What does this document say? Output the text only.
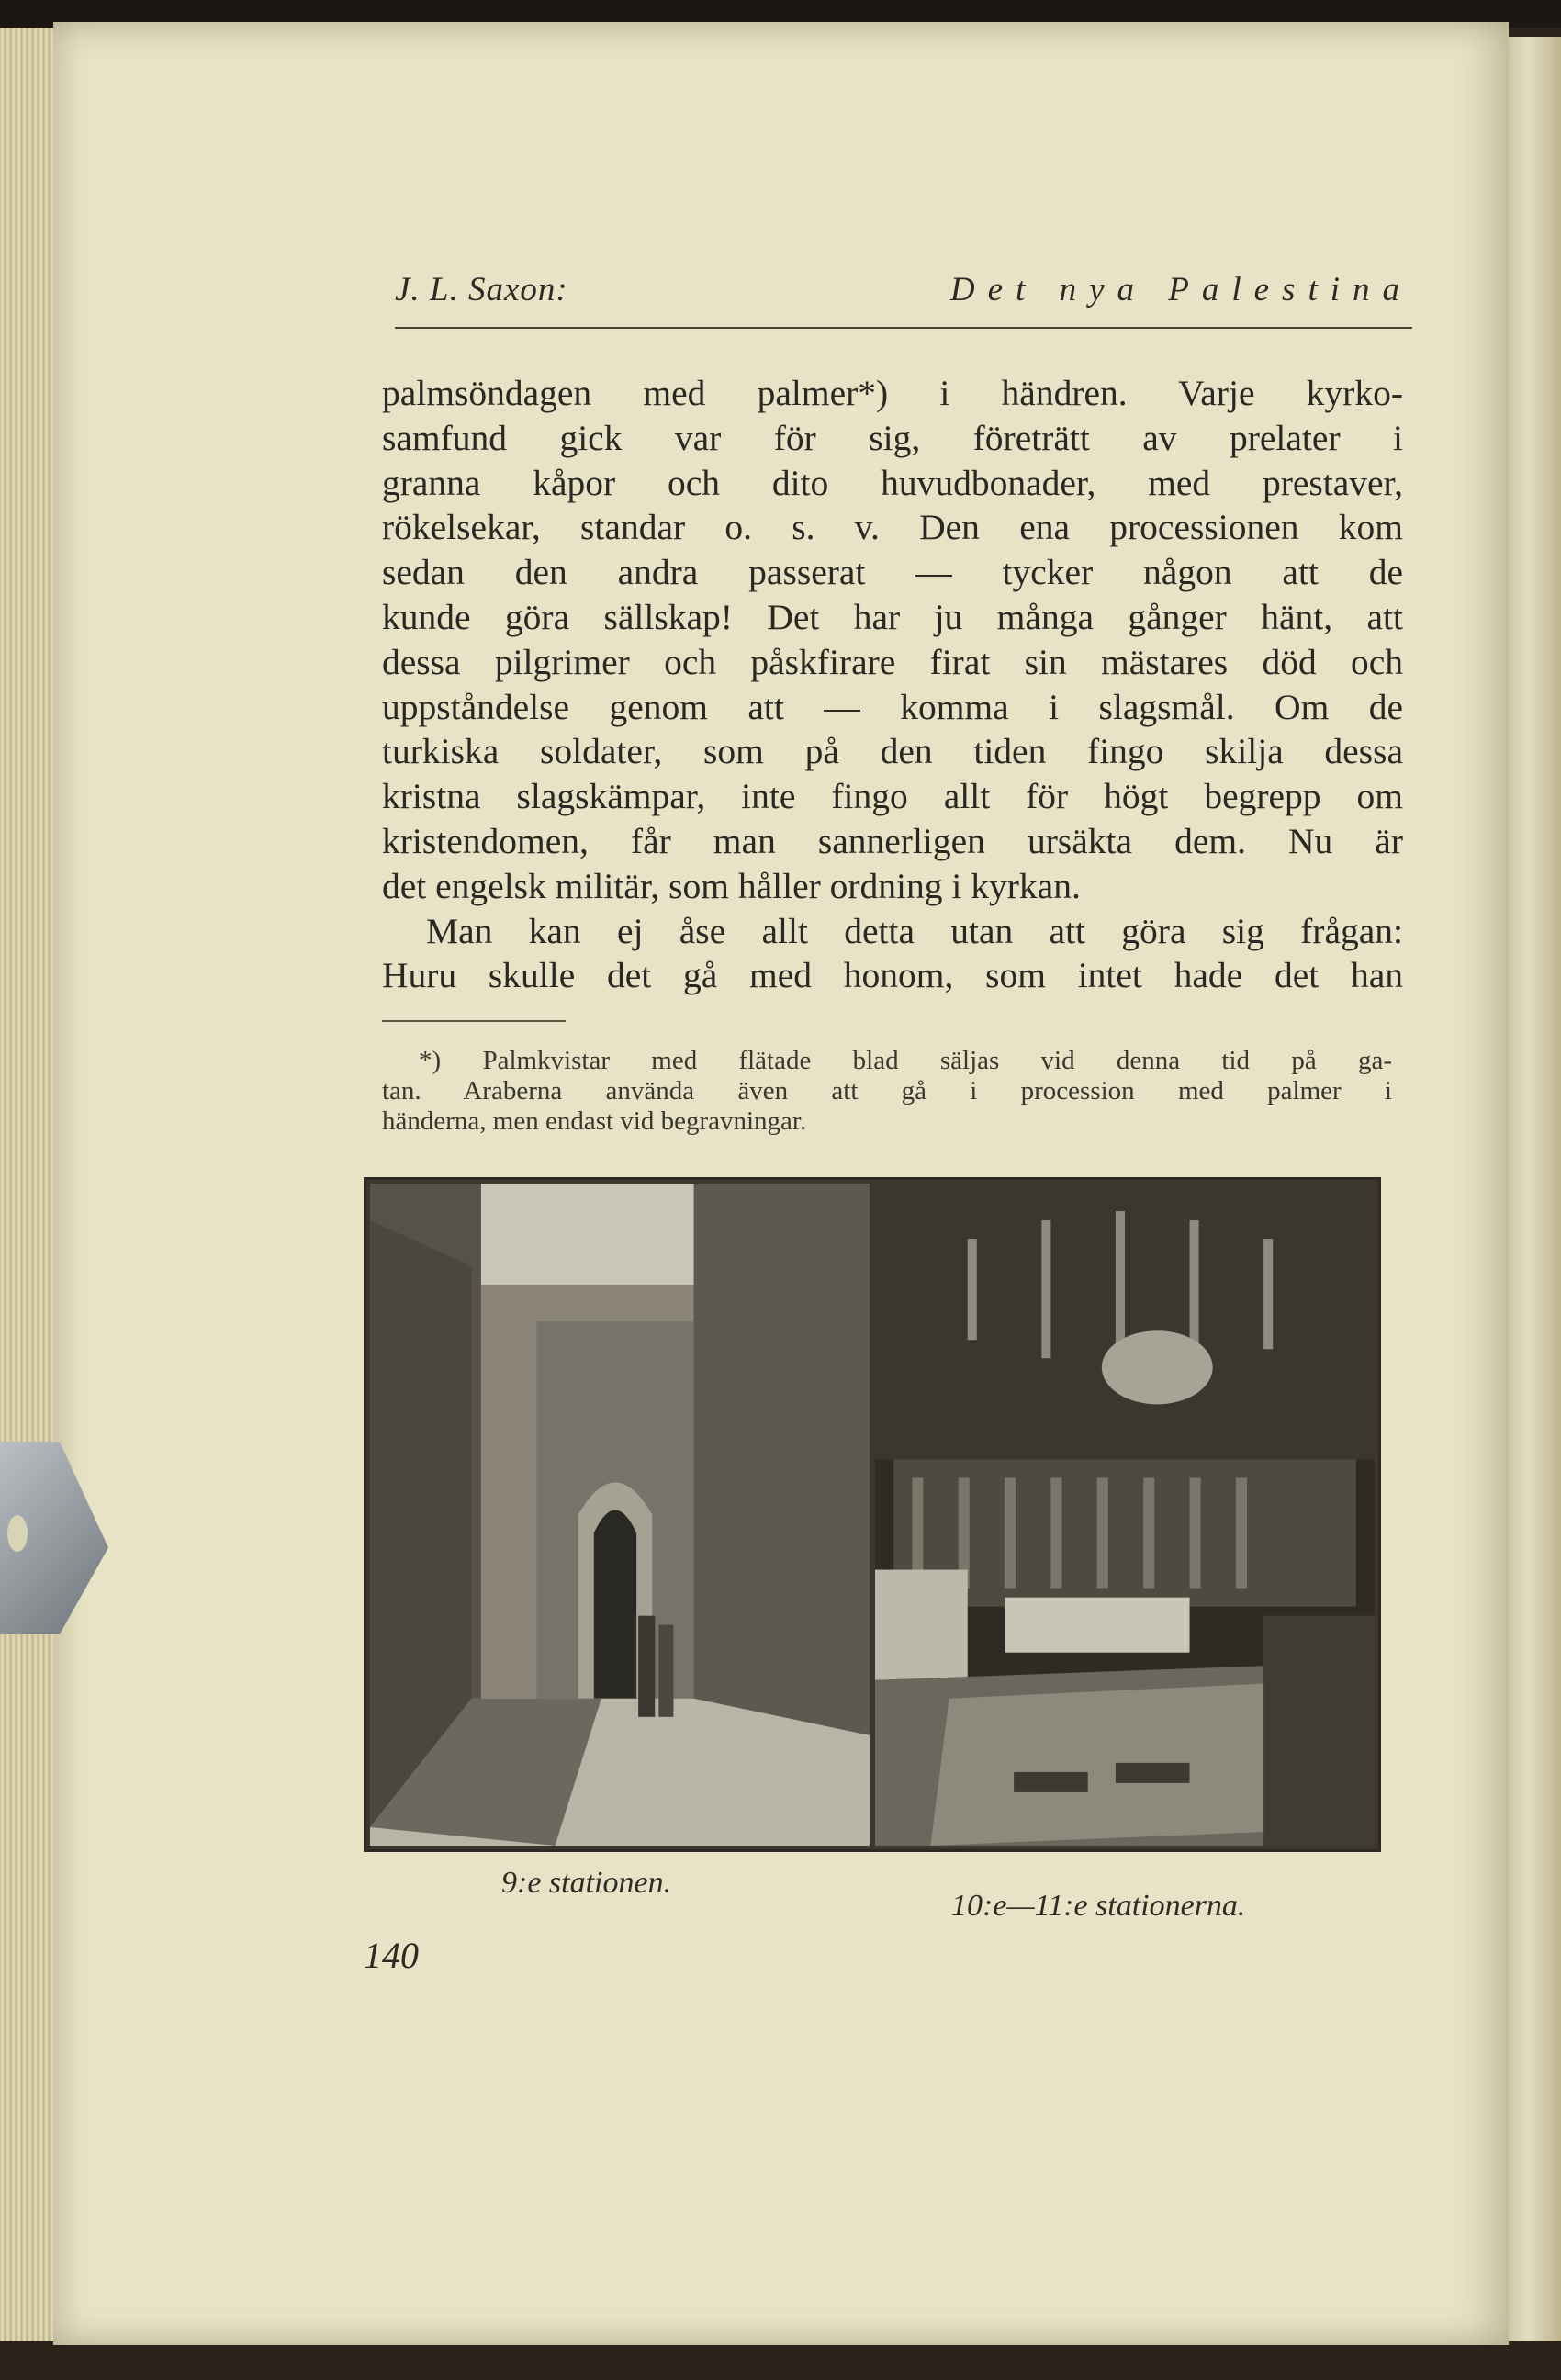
J. L. Saxon:	Det nya Palestina
palmsöndagen med palmer*) i händren. Varje kyrko-
samfund gick var för sig, företrätt av prelater i
granna kåpor och dito huvudbonader, med prestaver,
rökelsekar, standar o. s. v. Den ena processionen kom
sedan den andra passerat — tycker någon att de
kunde göra sällskap! Det har ju många gånger hänt, att
dessa pilgrimer och påskfirare firat sin mästares död och
uppståndelse genom att — komma i slagsmål. Om de
turkiska soldater, som på den tiden fingo skilja dessa
kristna slagskämpar, inte fingo allt för högt begrepp om
kristendomen, får man sannerligen ursäkta dem. Nu är
det engelsk militär, som håller ordning i kyrkan.
Man kan ej åse allt detta utan att göra sig frågan:
Huru skulle det gå med honom, som intet hade det han
*) Palmkvistar med flätade blad säljas vid denna tid på ga-
tan. Araberna använda även att gå i procession med palmer i
händerna, men endast vid begravningar.
9:e stationen.
10:e—11:e stationerna.
140
